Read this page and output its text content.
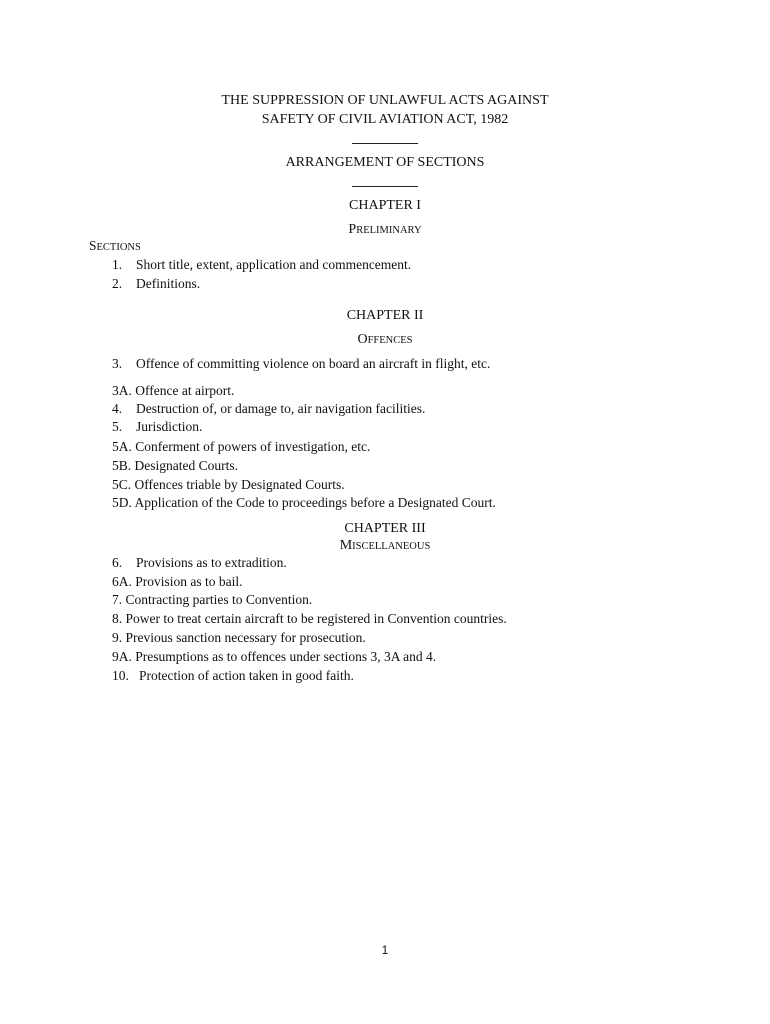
THE SUPPRESSION OF UNLAWFUL ACTS AGAINST
SAFETY OF CIVIL AVIATION ACT, 1982
ARRANGEMENT OF SECTIONS
CHAPTER I
PRELIMINARY
SECTIONS
1. Short title, extent, application and commencement.
2. Definitions.
CHAPTER II
OFFENCES
3. Offence of committing violence on board an aircraft in flight, etc.
3A. Offence at airport.
4. Destruction of, or damage to, air navigation facilities.
5. Jurisdiction.
5A. Conferment of powers of investigation, etc.
5B. Designated Courts.
5C. Offences triable by Designated Courts.
5D. Application of the Code to proceedings before a Designated Court.
CHAPTER III
MISCELLANEOUS
6. Provisions as to extradition.
6A. Provision as to bail.
7. Contracting parties to Convention.
8. Power to treat certain aircraft to be registered in Convention countries.
9. Previous sanction necessary for prosecution.
9A. Presumptions as to offences under sections 3, 3A and 4.
10. Protection of action taken in good faith.
1
